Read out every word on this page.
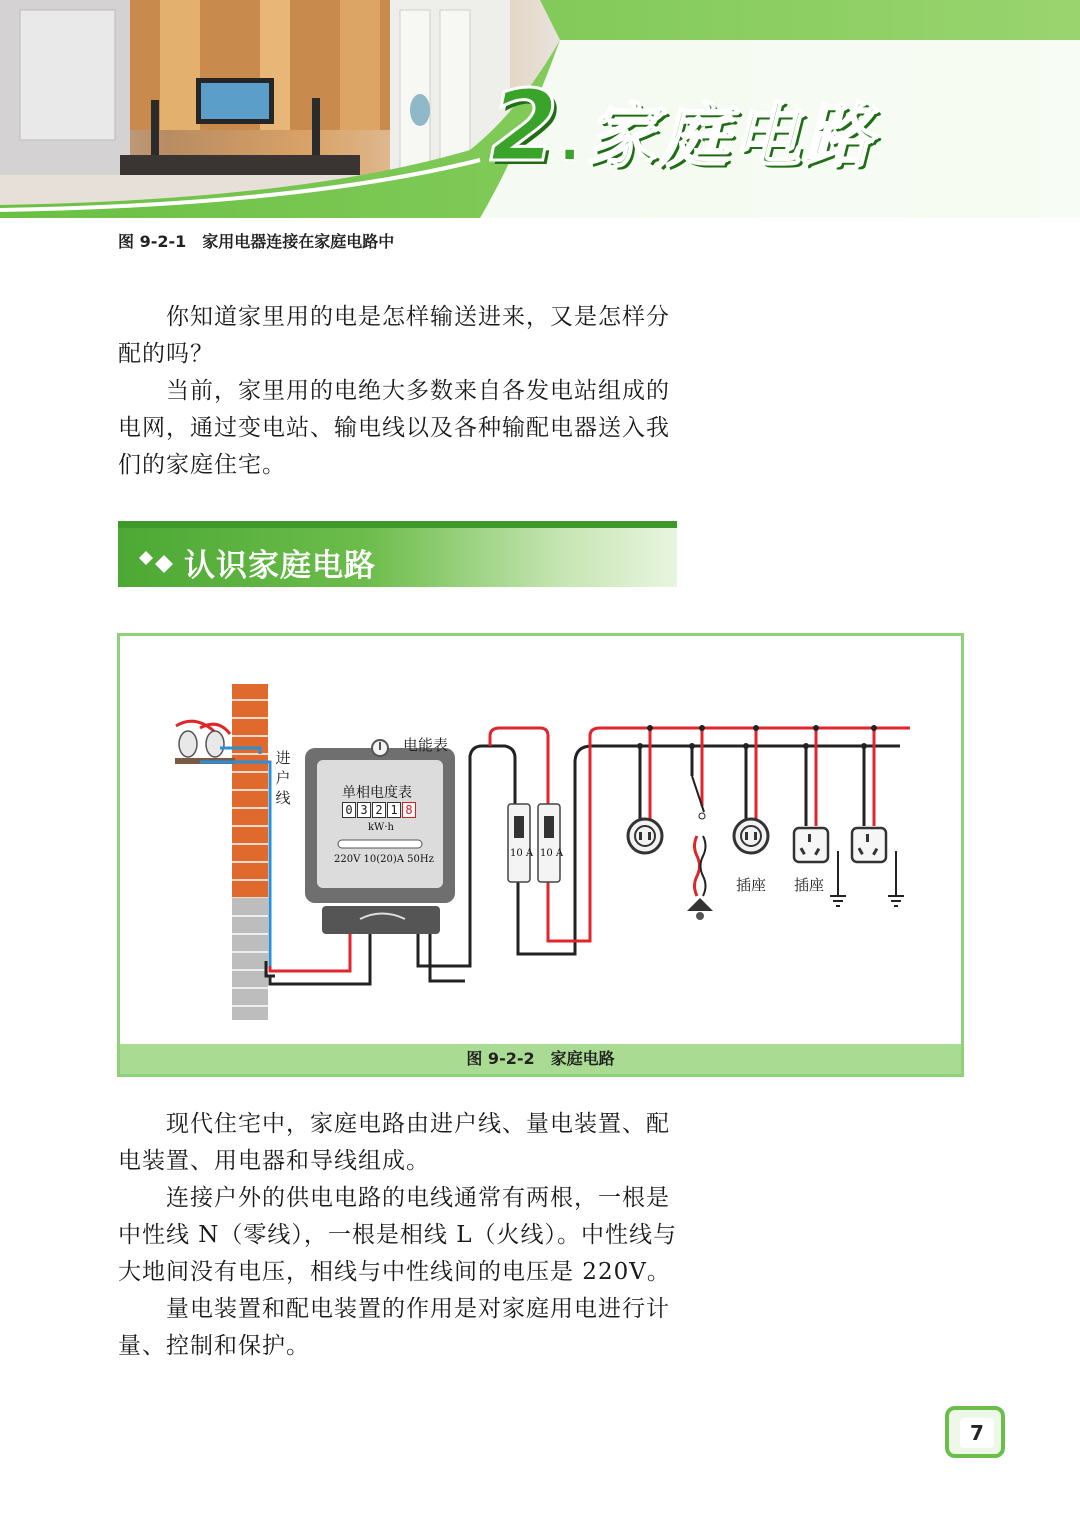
2 . 家庭电路
图 9-2-1　家用电器连接在家庭电路中

你知道家里用的电是怎样输送进来，又是怎样分配的吗？

当前，家里用的电绝大多数来自各发电站组成的电网，通过变电站、输电线以及各种输配电器送入我们的家庭住宅。

认识家庭电路
进户线
电能表
单相电度表
0 3 2 1 8
kW·h
220V 10(20)A 50Hz
10 A 10 A
插座 插座
图 9-2-2　家庭电路

现代住宅中，家庭电路由进户线、量电装置、配电装置、用电器和导线组成。

连接户外的供电电路的电线通常有两根，一根是中性线 N（零线），一根是相线 L（火线）。中性线与大地间没有电压，相线与中性线间的电压是 220V。

量电装置和配电装置的作用是对家庭用电进行计量、控制和保护。

7
